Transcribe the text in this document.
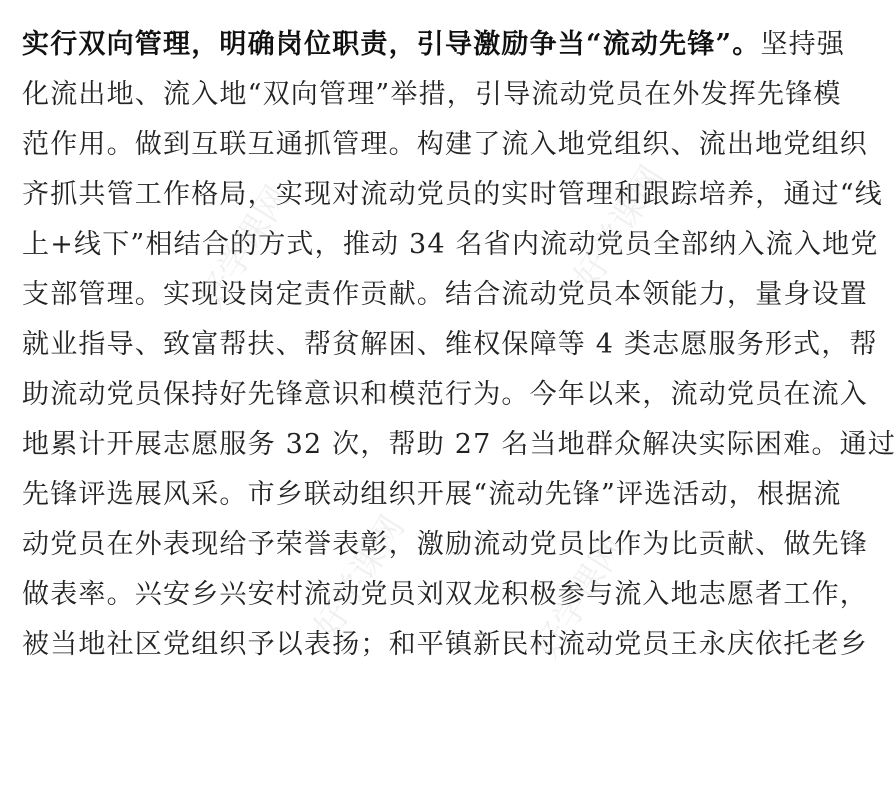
实行双向管理，明确岗位职责，引导激励争当“流动先锋”。坚持强
化流出地、流入地“双向管理”举措，引导流动党员在外发挥先锋模
范作用。做到互联互通抓管理。构建了流入地党组织、流出地党组织
齐抓共管工作格局，实现对流动党员的实时管理和跟踪培养，通过“线
上+线下”相结合的方式，推动 34 名省内流动党员全部纳入流入地党
支部管理。实现设岗定责作贡献。结合流动党员本领能力，量身设置
就业指导、致富帮扶、帮贫解困、维权保障等 4 类志愿服务形式，帮
助流动党员保持好先锋意识和模范行为。今年以来，流动党员在流入
地累计开展志愿服务 32 次，帮助 27 名当地群众解决实际困难。通过
先锋评选展风采。市乡联动组织开展“流动先锋”评选活动，根据流
动党员在外表现给予荣誉表彰，激励流动党员比作为比贡献、做先锋
做表率。兴安乡兴安村流动党员刘双龙积极参与流入地志愿者工作，
被当地社区党组织予以表扬；和平镇新民村流动党员王永庆依托老乡
好学课网	好学课网
好学课网	好学课网
